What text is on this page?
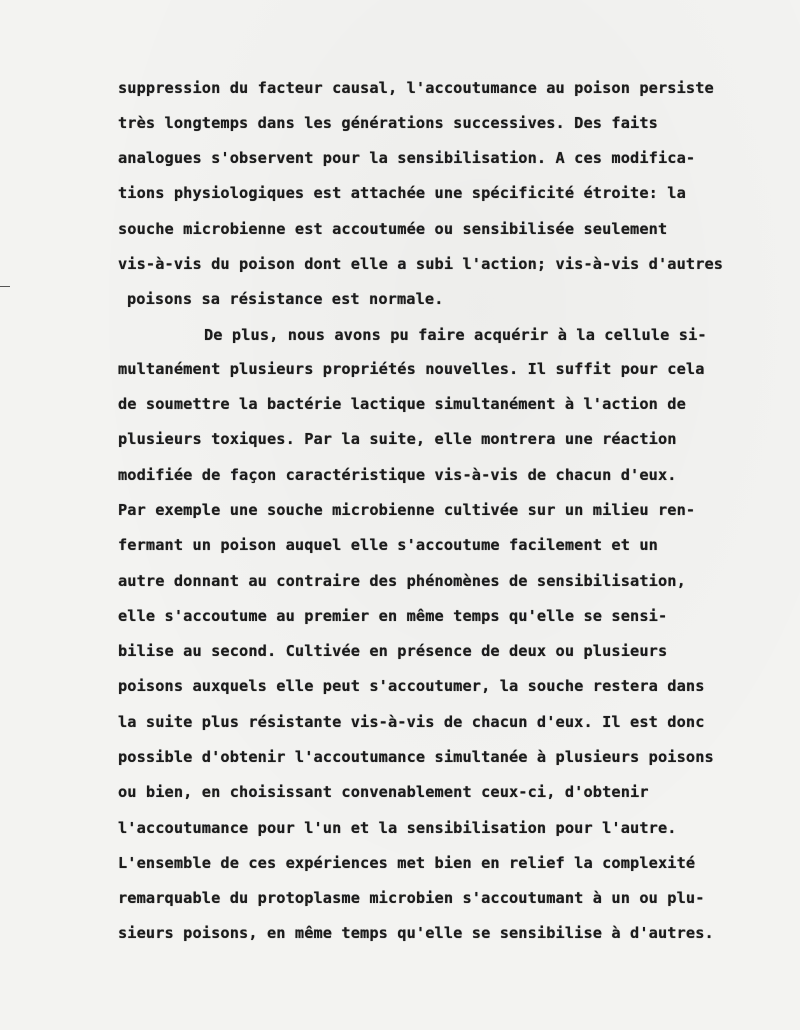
suppression du facteur causal, l'accoutumance au poison persiste
très longtemps dans les générations successives. Des faits
analogues s'observent pour la sensibilisation. A ces modifica-
tions physiologiques est attachée une spécificité étroite: la
souche microbienne est accoutumée ou sensibilisée seulement
vis-à-vis du poison dont elle a subi l'action; vis-à-vis d'autres
poisons sa résistance est normale.
De plus, nous avons pu faire acquérir à la cellule si-
multanément plusieurs propriétés nouvelles. Il suffit pour cela
de soumettre la bactérie lactique simultanément à l'action de
plusieurs toxiques. Par la suite, elle montrera une réaction
modifiée de façon caractéristique vis-à-vis de chacun d'eux.
Par exemple une souche microbienne cultivée sur un milieu ren-
fermant un poison auquel elle s'accoutume facilement et un
autre donnant au contraire des phénomènes de sensibilisation,
elle s'accoutume au premier en même temps qu'elle se sensi-
bilise au second. Cultivée en présence de deux ou plusieurs
poisons auxquels elle peut s'accoutumer, la souche restera dans
la suite plus résistante vis-à-vis de chacun d'eux. Il est donc
possible d'obtenir l'accoutumance simultanée à plusieurs poisons
ou bien, en choisissant convenablement ceux-ci, d'obtenir
l'accoutumance pour l'un et la sensibilisation pour l'autre.
L'ensemble de ces expériences met bien en relief la complexité
remarquable du protoplasme microbien s'accoutumant à un ou plu-
sieurs poisons, en même temps qu'elle se sensibilise à d'autres.
